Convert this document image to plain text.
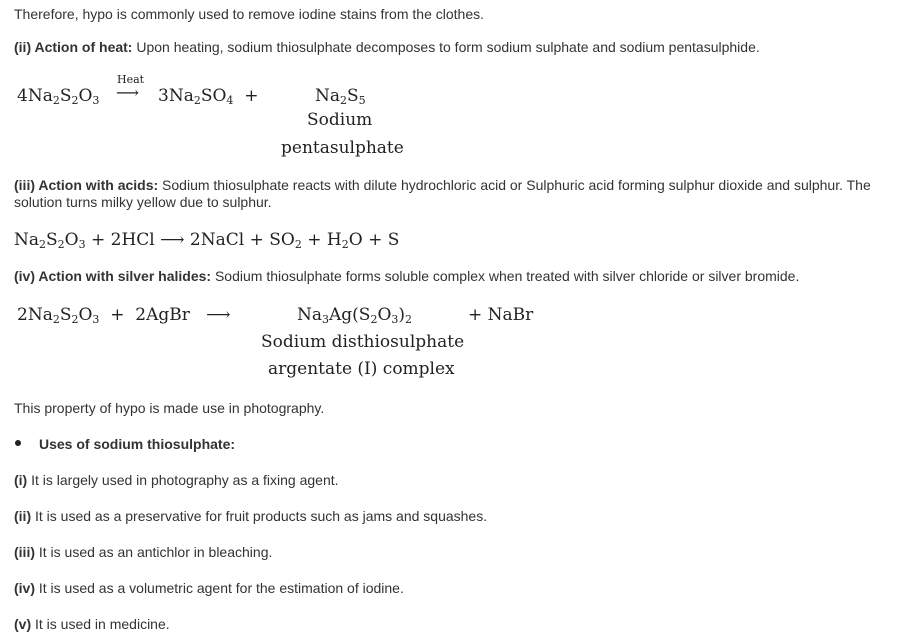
Therefore, hypo is commonly used to remove iodine stains from the clothes.
(ii) Action of heat: Upon heating, sodium thiosulphate decomposes to form sodium sulphate and sodium pentasulphide.
$4Na_2S_2O_3$
Heat
⟶ $3Na_2SO_4$  +	$Na_2S_5$
Sodium
pentasulphate
(iii) Action with acids: Sodium thiosulphate reacts with dilute hydrochloric acid or Sulphuric acid forming sulphur dioxide and sulphur. The solution turns milky yellow due to sulphur.
$Na_2S_2O_3 + 2HCl$ ⟶ 2NaCl + $SO_2 + H_2O + S$
(iv) Action with silver halides: Sodium thiosulphate forms soluble complex when treated with silver chloride or silver bromide.
$2Na_2S_2O_3$  +  2AgBr   ⟶	$Na_3Ag(S_2O_3)_2$	+ NaBr
Sodium disthiosulphate
argentate (I) complex
This property of hypo is made use in photography.
Uses of sodium thiosulphate:
(i) It is largely used in photography as a fixing agent.
(ii) It is used as a preservative for fruit products such as jams and squashes.
(iii) It is used as an antichlor in bleaching.
(iv) It is used as a volumetric agent for the estimation of iodine.
(v) It is used in medicine.
